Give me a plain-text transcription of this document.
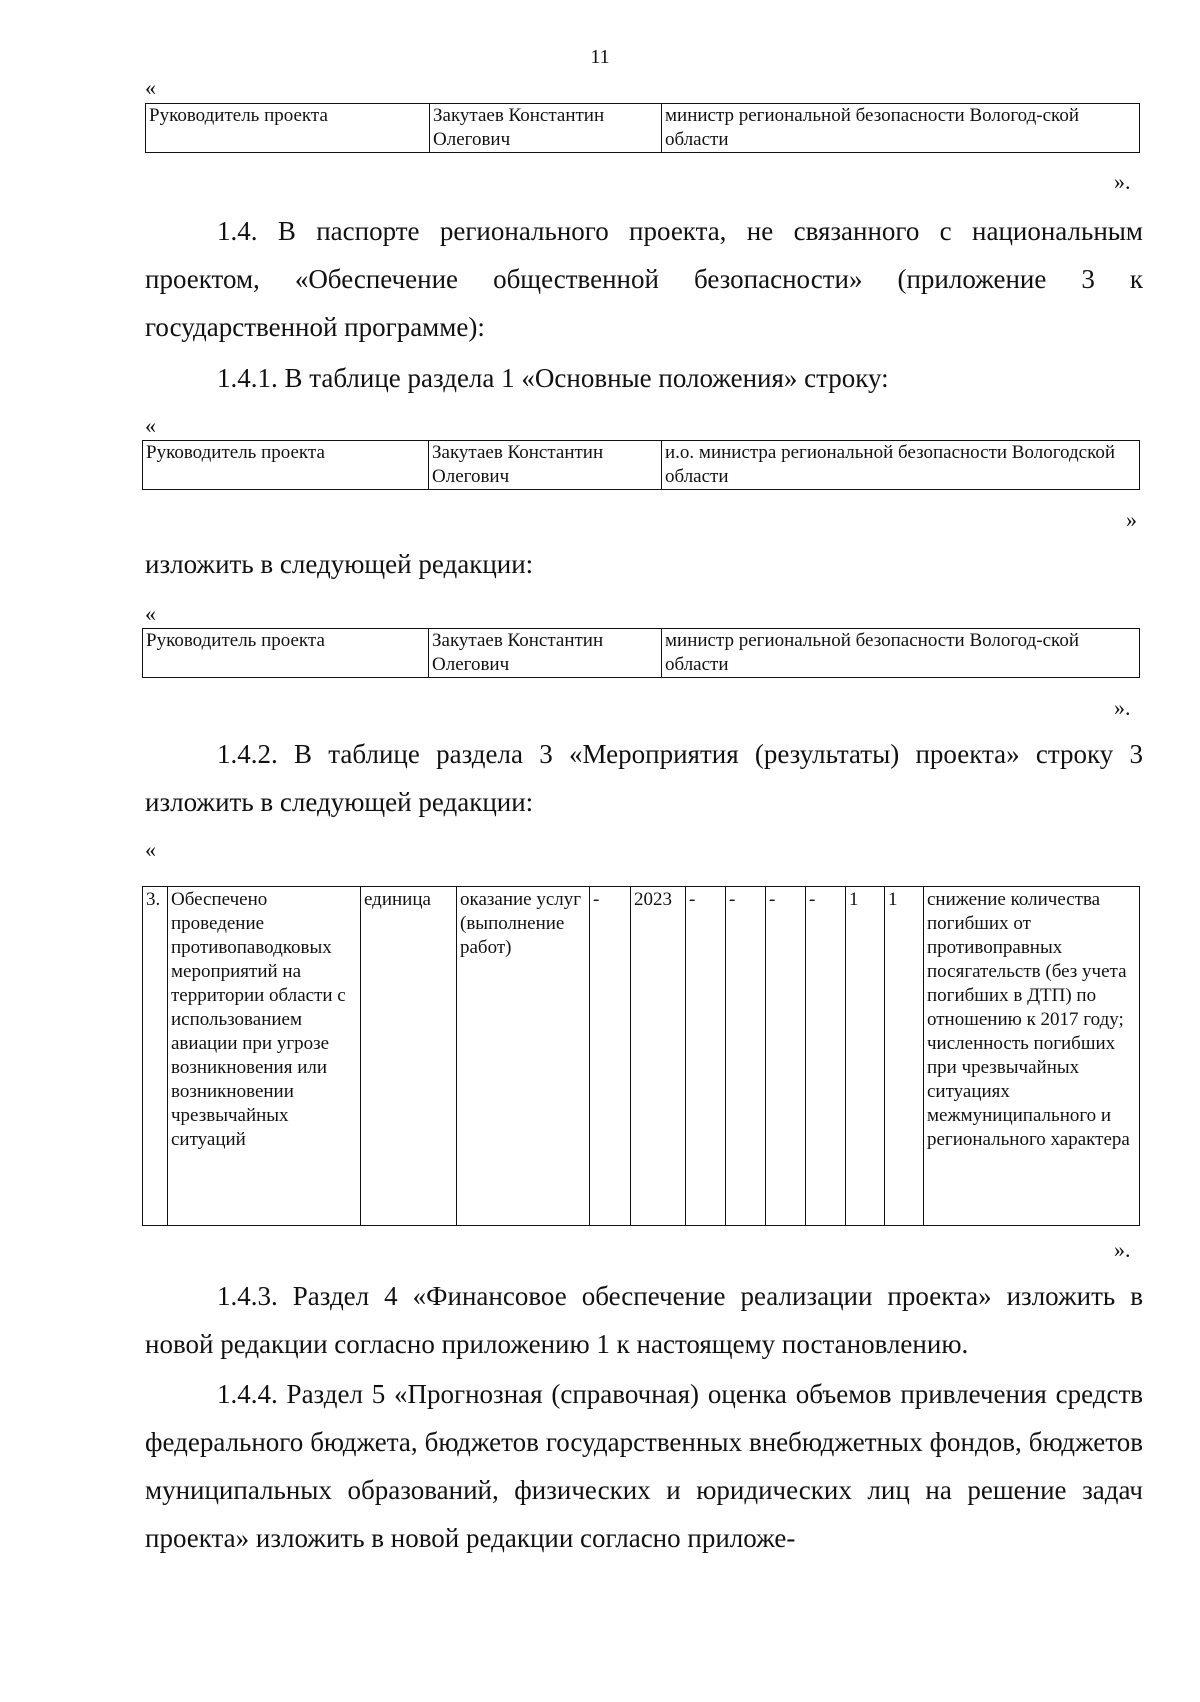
11
«
Руководитель проекта	Закутаев Константин Олегович	министр региональной безопасности Вологод-ской области
».

1.4. В паспорте регионального проекта, не связанного с национальным проектом, «Обеспечение общественной безопасности» (приложение 3 к государственной программе):

1.4.1. В таблице раздела 1 «Основные положения» строку:

«
Руководитель проекта	Закутаев Константин Олегович	и.о. министра региональной безопасности Вологодской области
»

изложить в следующей редакции:

«
Руководитель проекта	Закутаев Константин Олегович	министр региональной безопасности Вологод-ской области
».

1.4.2. В таблице раздела 3 «Мероприятия (результаты) проекта» строку 3 изложить в следующей редакции:

«
3.	Обеспечено проведение противопаводковых мероприятий на территории области с использованием авиации при угрозе возникновения или возникновении чрезвычайных ситуаций	единица	оказание услуг (выполнение работ)	-	2023	-	-	-	-	1	1	снижение количества погибших от противоправных посягательств (без учета погибших в ДТП) по отношению к 2017 году; численность погибших при чрезвычайных ситуациях межмуниципального и регионального характера
».

1.4.3. Раздел 4 «Финансовое обеспечение реализации проекта» изложить в новой редакции согласно приложению 1 к настоящему постановлению.

1.4.4. Раздел 5 «Прогнозная (справочная) оценка объемов привлечения средств федерального бюджета, бюджетов государственных внебюджетных фондов, бюджетов муниципальных образований, физических и юридических лиц на решение задач проекта» изложить в новой редакции согласно приложе-
